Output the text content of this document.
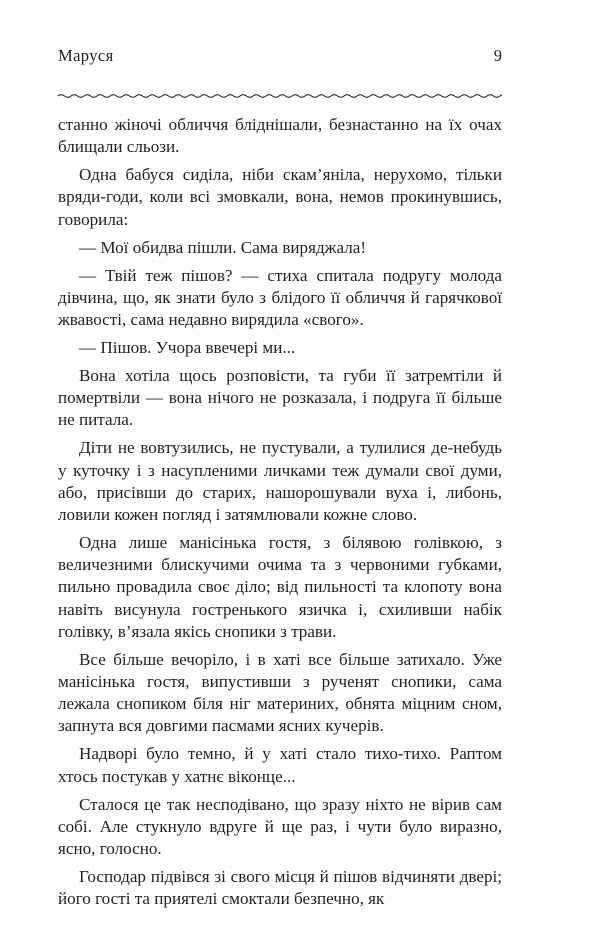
Маруся	9

станно жіночі обличчя бліднішали, безнастанно на їх очах блищали сльози.

Одна бабуся сиділа, ніби скам’яніла, нерухомо, тільки вряди-годи, коли всі змовкали, вона, немов прокинувшись, говорила:

— Мої обидва пішли. Сама виряджала!

— Твій теж пішов? — стиха спитала подругу молода дівчина, що, як знати було з блідого її обличчя й гарячкової жвавості, сама недавно вирядила «свого».

— Пішов. Учора ввечері ми...

Вона хотіла щось розповісти, та губи її затремтіли й помертвіли — вона нічого не розказала, і подруга її більше не питала.

Діти не вовтузились, не пустували, а тулилися де-небудь у куточку і з насупленими личками теж думали свої думи, або, присівши до старих, нашорошували вуха і, либонь, ловили кожен погляд і затямлювали кожне слово.

Одна лише манісінька гостя, з білявою голівкою, з величезними блискучими очима та з червоними губками, пильно провадила своє діло; від пильності та клопоту вона навіть висунула гостренького язичка і, схиливши набік голівку, в’язала якісь снопики з трави.

Все більше вечоріло, і в хаті все більше затихало. Уже манісінька гостя, випустивши з рученят снопики, сама лежала снопиком біля ніг материних, обнята міцним сном, запнута вся довгими пасмами ясних кучерів.

Надворі було темно, й у хаті стало тихо-тихо. Раптом хтось постукав у хатнє віконце...

Сталося це так несподівано, що зразу ніхто не вірив сам собі. Але стукнуло вдруге й ще раз, і чути було виразно, ясно, голосно.

Господар підвівся зі свого місця й пішов відчиняти двері; його гості та приятелі смоктали безпечно, як
